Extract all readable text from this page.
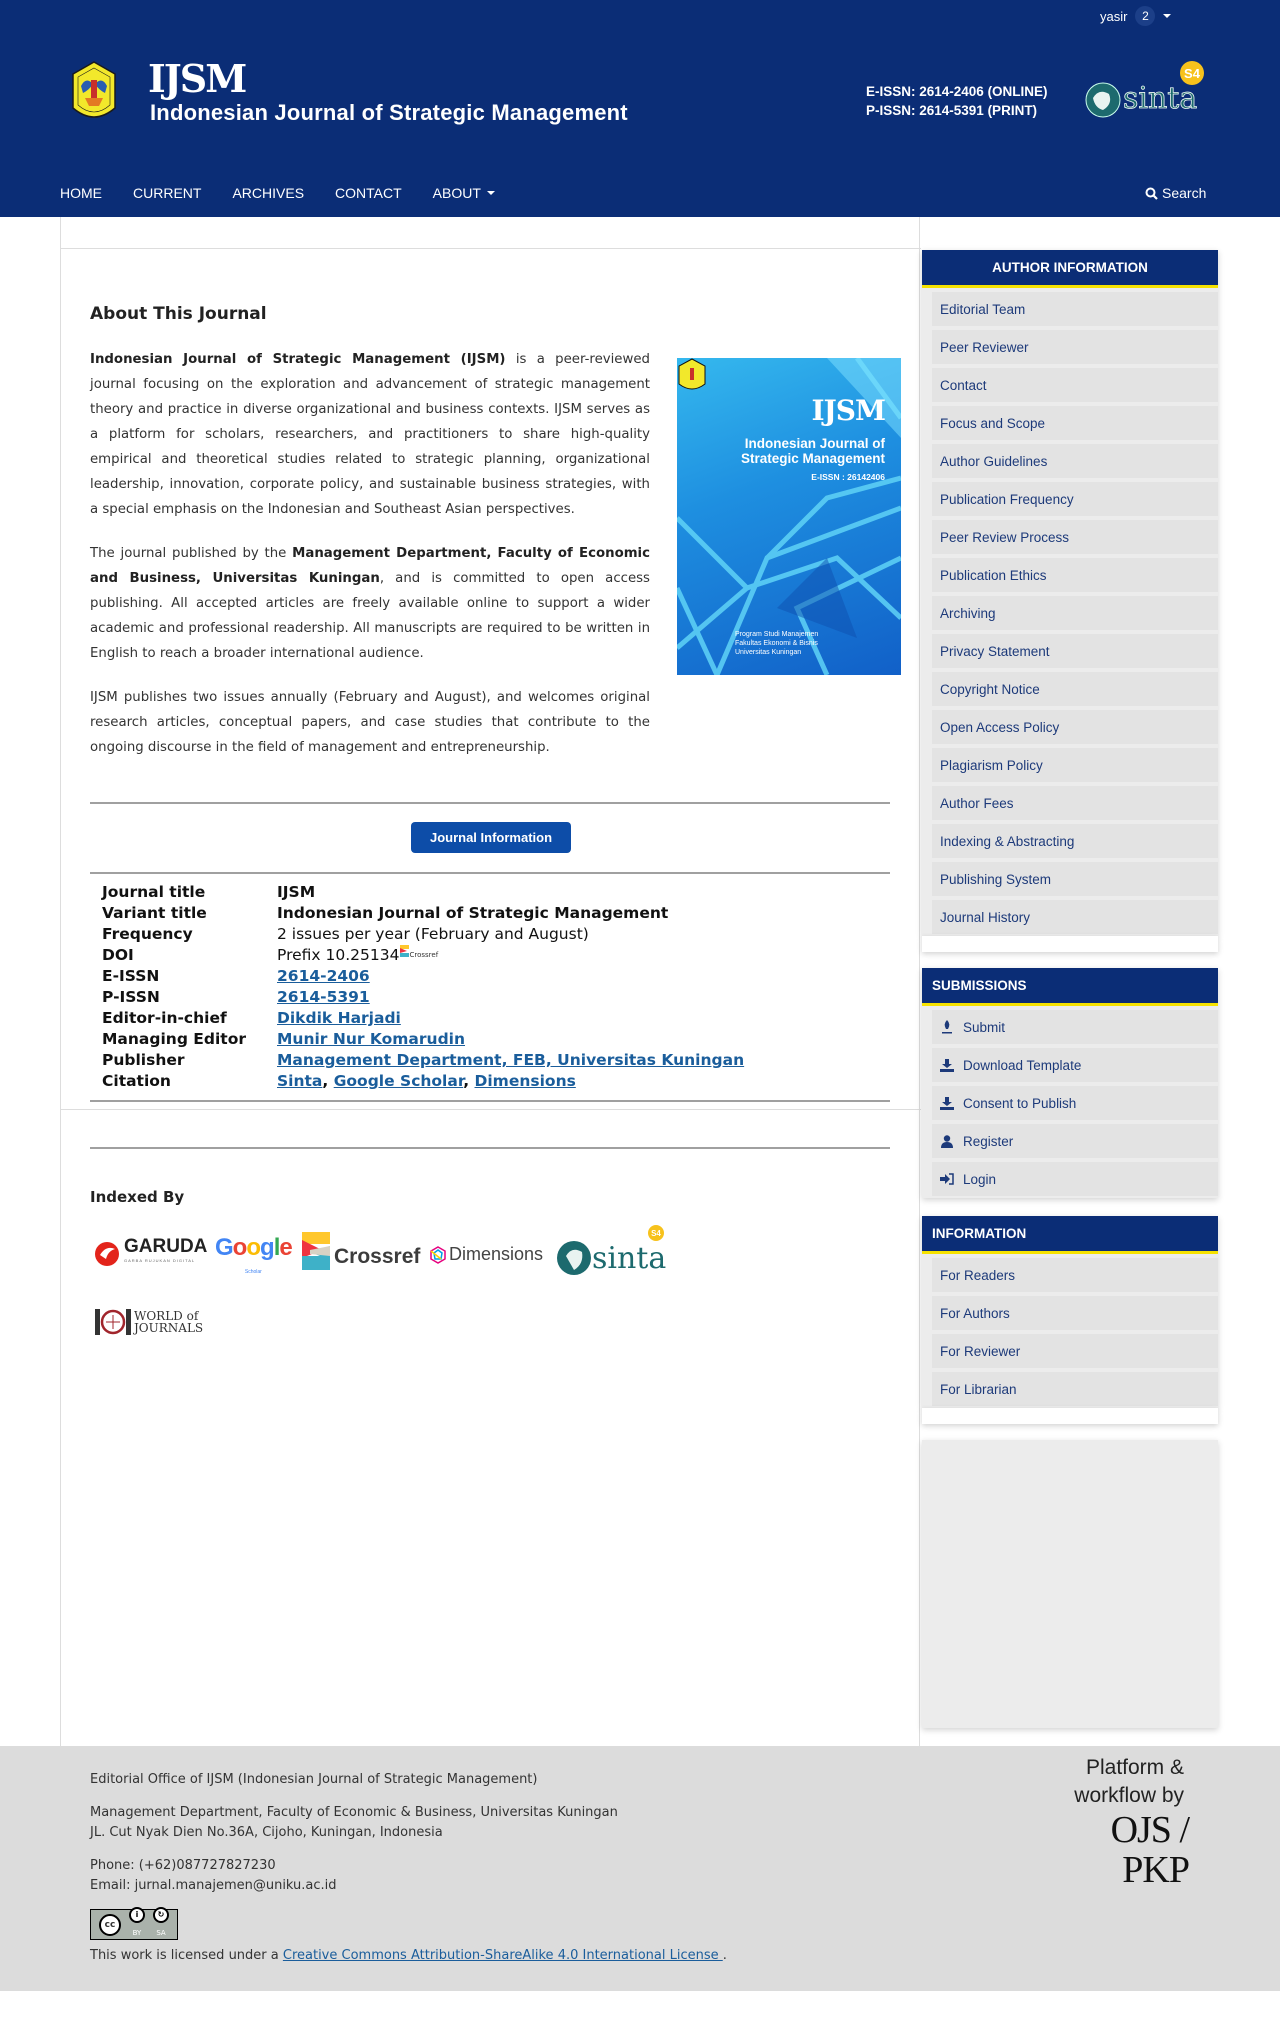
yasir	2
IJSM
Indonesian Journal of Strategic Management
E-ISSN: 2614-2406 (ONLINE)
P-ISSN: 2614-5391 (PRINT)
S4
sinta
HOME CURRENT ARCHIVES CONTACT ABOUT	Search
About This Journal

Indonesian Journal of Strategic Management (IJSM) is a peer-reviewed journal focusing on the exploration and advancement of strategic management theory and practice in diverse organizational and business contexts. IJSM serves as a platform for scholars, researchers, and practitioners to share high-quality empirical and theoretical studies related to strategic planning, organizational leadership, innovation, corporate policy, and sustainable business strategies, with a special emphasis on the Indonesian and Southeast Asian perspectives.

The journal published by the Management Department, Faculty of Economic and Business, Universitas Kuningan, and is committed to open access publishing. All accepted articles are freely available online to support a wider academic and professional readership. All manuscripts are required to be written in English to reach a broader international audience.

IJSM publishes two issues annually (February and August), and welcomes original research articles, conceptual papers, and case studies that contribute to the ongoing discourse in the field of management and entrepreneurship.

IJSM
Indonesian Journal of
Strategic Management
E-ISSN : 26142406
Program Studi Manajemen
Fakultas Ekonomi & Bisnis
Universitas Kuningan
Journal Information
Journal title	IJSM
Variant title	Indonesian Journal of Strategic Management
Frequency	2 issues per year (February and August)
DOI	Prefix 10.25134 Crossref
E-ISSN	2614-2406
P-ISSN	2614-5391
Editor-in-chief	Dikdik Harjadi
Managing Editor	Munir Nur Komarudin
Publisher	Management Department, FEB, Universitas Kuningan
Citation	Sinta, Google Scholar, Dimensions
Indexed By
GARUDA
GARBA RUJUKAN DIGITAL Google
Scholar
Crossref Dimensions
S4
sinta
WORLD of
JOURNALS
AUTHOR INFORMATION
Editorial Team
Peer Reviewer
Contact
Focus and Scope
Author Guidelines
Publication Frequency
Peer Review Process
Publication Ethics
Archiving
Privacy Statement
Copyright Notice
Open Access Policy
Plagiarism Policy
Author Fees
Indexing & Abstracting
Publishing System
Journal History
SUBMISSIONS
Submit
Download Template
Consent to Publish
Register
Login
INFORMATION
For Readers
For Authors
For Reviewer
For Librarian

Editorial Office of IJSM (Indonesian Journal of Strategic Management)

Management Department, Faculty of Economic & Business, Universitas Kuningan
JL. Cut Nyak Dien No.36A, Cijoho, Kuningan, Indonesia

Phone: (+62)087727827230
Email: jurnal.manajemen@uniku.ac.id

cc
i
BY
↻
SA
This work is licensed under a Creative Commons Attribution-ShareAlike 4.0 International License .
Platform &
workflow by
OJS / PKP
